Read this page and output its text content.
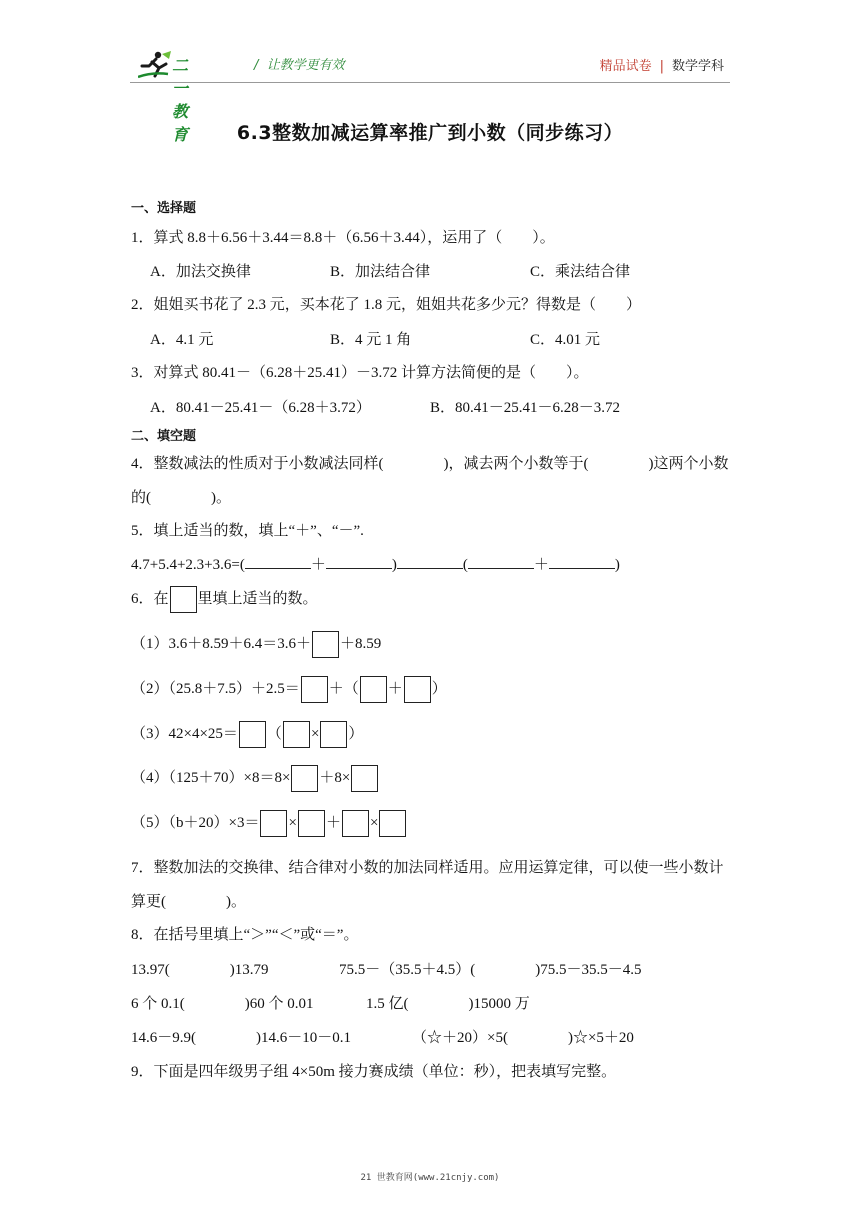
二一教育
/  让教学更有效	精品试卷 | 数学学科
6.3整数加减运算率推广到小数（同步练习）
一、选择题
1．算式 8.8＋6.56＋3.44＝8.8＋（6.56＋3.44），运用了（　　）。
A．加法交换律	B．加法结合律	C．乘法结合律
2．姐姐买书花了 2.3 元，买本花了 1.8 元，姐姐共花多少元？得数是（　　）
A．4.1 元	B．4 元 1 角	C．4.01 元
3．对算式 80.41－（6.28＋25.41）－3.72 计算方法简便的是（　　）。
A．80.41－25.41－（6.28＋3.72）	B．80.41－25.41－6.28－3.72
二、填空题
4．整数减法的性质对于小数减法同样(　　　　)，减去两个小数等于(　　　　)这两个小数
的(　　　　)。
5．填上适当的数，填上“＋”、“－”.
4.7+5.4+2.3+3.6=(	＋	)	(	＋	)
6．在 里填上适当的数。
（1）3.6＋8.59＋6.4＝3.6＋ ＋8.59
（2）（25.8＋7.5）＋2.5＝ ＋（ ＋ ）
（3）42×4×25＝ （ × ）
（4）（125＋70）×8＝8× ＋8×
（5）（b＋20）×3＝ × ＋ ×
7．整数加法的交换律、结合律对小数的加法同样适用。应用运算定律，可以使一些小数计
算更(　　　　)。
8．在括号里填上“＞”“＜”或“＝”。
13.97(　　　　)13.79	75.5－（35.5＋4.5）(　　　　)75.5－35.5－4.5
6 个 0.1(　　　　)60 个 0.01	1.5 亿(　　　　)15000 万
14.6－9.9(　　　　)14.6－10－0.1	（☆＋20）×5(　　　　)☆×5＋20
9．下面是四年级男子组 4×50m 接力赛成绩（单位：秒），把表填写完整。
21 世教育网(www.21cnjy.com)
